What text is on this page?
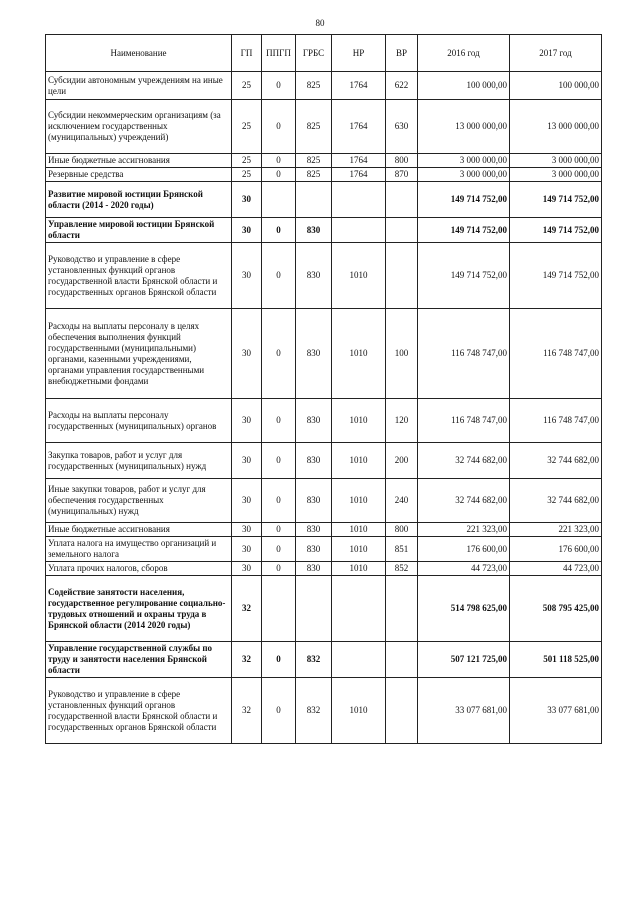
80
Наименование	ГП	ППГП	ГРБС	НР	ВР	2016 год	2017 год
Субсидии автономным учреждениям на иные цели	25	0	825	1764	622	100 000,00	100 000,00
Субсидии некоммерческим организациям (за исключением государственных (муниципальных) учреждений)	25	0	825	1764	630	13 000 000,00	13 000 000,00
Иные бюджетные ассигнования	25	0	825	1764	800	3 000 000,00	3 000 000,00
Резервные средства	25	0	825	1764	870	3 000 000,00	3 000 000,00
Развитие мировой юстиции Брянской области (2014 - 2020 годы)	30					149 714 752,00	149 714 752,00
Управление мировой юстиции Брянской области	30	0	830			149 714 752,00	149 714 752,00
Руководство и управление в сфере установленных функций органов государственной власти Брянской области и государственных органов Брянской области	30	0	830	1010		149 714 752,00	149 714 752,00
Расходы на выплаты персоналу в целях обеспечения выполнения функций государственными (муниципальными) органами, казенными учреждениями, органами управления государственными внебюджетными фондами	30	0	830	1010	100	116 748 747,00	116 748 747,00
Расходы на выплаты персоналу государственных (муниципальных) органов	30	0	830	1010	120	116 748 747,00	116 748 747,00
Закупка товаров, работ и услуг для государственных (муниципальных) нужд	30	0	830	1010	200	32 744 682,00	32 744 682,00
Иные закупки товаров, работ и услуг для обеспечения государственных (муниципальных) нужд	30	0	830	1010	240	32 744 682,00	32 744 682,00
Иные бюджетные ассигнования	30	0	830	1010	800	221 323,00	221 323,00
Уплата налога на имущество организаций и земельного налога	30	0	830	1010	851	176 600,00	176 600,00
Уплата прочих налогов, сборов	30	0	830	1010	852	44 723,00	44 723,00
Содействие занятости населения, государственное регулирование социально-трудовых отношений и охраны труда в Брянской области (2014 2020 годы)	32					514 798 625,00	508 795 425,00
Управление государственной службы по труду и занятости населения Брянской области	32	0	832			507 121 725,00	501 118 525,00
Руководство и управление в сфере установленных функций органов государственной власти Брянской области и государственных органов Брянской области	32	0	832	1010		33 077 681,00	33 077 681,00
